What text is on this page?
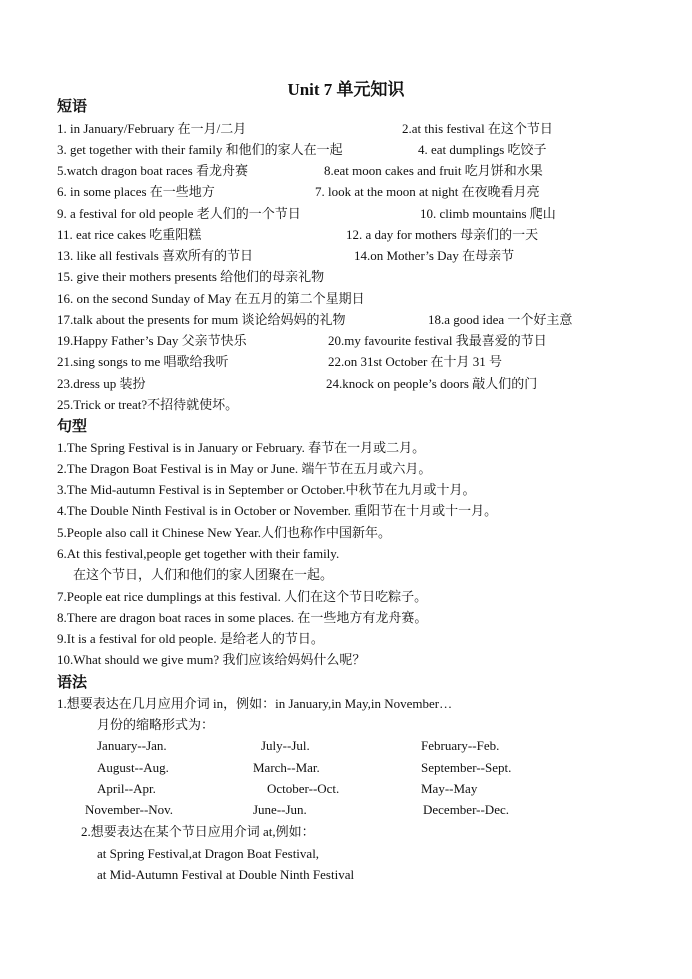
Unit 7 单元知识
短语
1. in January/February 在一月/二月	2.at this festival 在这个节日
3. get together with their family 和他们的家人在一起	4. eat dumplings 吃饺子
5.watch dragon boat races 看龙舟赛	8.eat moon cakes and fruit 吃月饼和水果
6. in some places 在一些地方	7. look at the moon at night 在夜晚看月亮
9. a festival for old people 老人们的一个节日	10. climb mountains 爬山
11. eat rice cakes 吃重阳糕	12. a day for mothers 母亲们的一天
13. like all festivals 喜欢所有的节日	14.on Mother’s Day 在母亲节
15. give their mothers presents 给他们的母亲礼物
16. on the second Sunday of May 在五月的第二个星期日
17.talk about the presents for mum 谈论给妈妈的礼物	18.a good idea 一个好主意
19.Happy Father’s Day 父亲节快乐	20.my favourite festival 我最喜爱的节日
21.sing songs to me 唱歌给我听	22.on 31st October 在十月 31 号
23.dress up 装扮	24.knock on people’s doors 敲人们的门
25.Trick or treat?不招待就使坏。
句型
1.The Spring Festival is in January or February. 春节在一月或二月。
2.The Dragon Boat Festival is in May or June. 端午节在五月或六月。
3.The Mid-autumn Festival is in September or October.中秋节在九月或十月。
4.The Double Ninth Festival is in October or November. 重阳节在十月或十一月。
5.People also call it Chinese New Year.人们也称作中国新年。
6.At this festival,people get together with their family.
在这个节日，人们和他们的家人团聚在一起。
7.People eat rice dumplings at this festival. 人们在这个节日吃粽子。
8.There are dragon boat races in some places. 在一些地方有龙舟赛。
9.It is a festival for old people. 是给老人的节日。
10.What should we give mum? 我们应该给妈妈什么呢？
语法
1.想要表达在几月应用介词 in，例如：in January,in May,in November…
月份的缩略形式为：
January--Jan.	July--Jul.	February--Feb.
August--Aug.	March--Mar.	September--Sept.
April--Apr.	October--Oct.	May--May
November--Nov.	June--Jun.	December--Dec.
2.想要表达在某个节日应用介词 at,例如：
at Spring Festival,at Dragon Boat Festival,
at Mid-Autumn Festival at Double Ninth Festival
